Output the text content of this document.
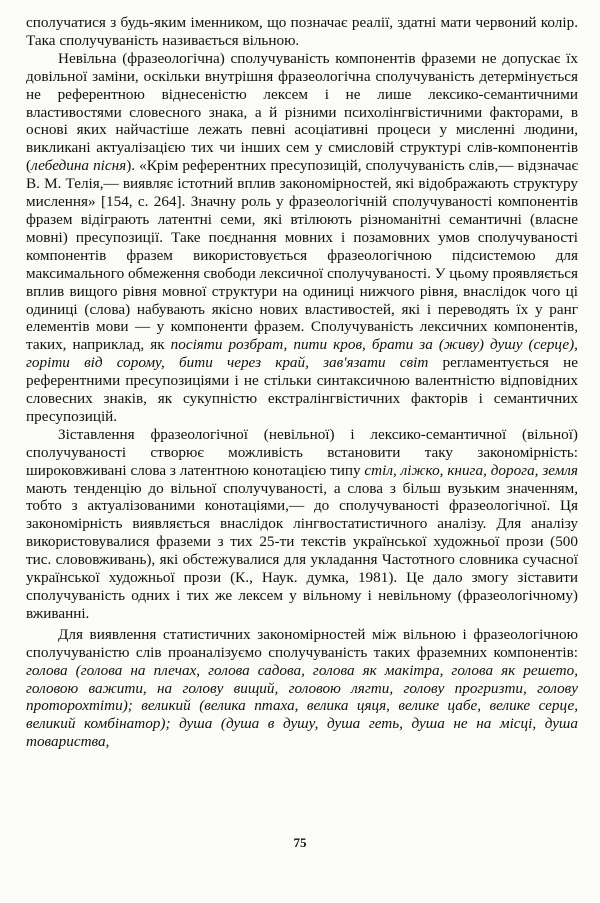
сполучатися з будь-яким іменником, що позначає реалії, здатні мати червоний колір. Така сполучуваність називається вільною.

Невільна (фразеологічна) сполучуваність компонентів фраземи не допускає їх довільної заміни, оскільки внутрішня фразеологічна сполучуваність детермінується не референтною віднесеністю лексем і не лише лексико-семантичними властивостями словесного знака, а й різними психолінгвістичними факторами, в основі яких найчастіше лежать певні асоціативні процеси у мисленні людини, викликані актуалізацією тих чи інших сем у смисловій структурі слів-компонентів (лебедина пісня). «Крім референтних пресупозицій, сполучуваність слів,— відзначає В. М. Телія,— виявляє істотний вплив закономірностей, які відображають структуру мислення» [154, с. 264]. Значну роль у фразеологічній сполучуваності компонентів фразем відіграють латентні семи, які втілюють різноманітні семантичні (власне мовні) пресупозиції. Таке поєднання мовних і позамовних умов сполучуваності компонентів фразем використовується фразеологічною підсистемою для максимального обмеження свободи лексичної сполучуваності. У цьому проявляється вплив вищого рівня мовної структури на одиниці нижчого рівня, внаслідок чого ці одиниці (слова) набувають якісно нових властивостей, які і переводять їх у ранг елементів мови — у компоненти фразем. Сполучуваність лексичних компонентів, таких, наприклад, як посіяти розбрат, пити кров, брати за (живу) душу (серце), горіти від сорому, бити через край, зав'язати світ регламентується не референтними пресупозиціями і не стільки синтаксичною валентністю відповідних словесних знаків, як сукупністю екстралінгвістичних факторів і семантичних пресупозицій.

Зіставлення фразеологічної (невільної) і лексико-семантичної (вільної) сполучуваності створює можливість встановити таку закономірність: широковживані слова з латентною конотацією типу стіл, ліжко, книга, дорога, земля мають тенденцію до вільної сполучуваності, а слова з більш вузьким значенням, тобто з актуалізованими конотаціями,— до сполучуваності фразеологічної. Ця закономірність виявляється внаслідок лінгвостатистичного аналізу. Для аналізу використовувалися фраземи з тих 25-ти текстів української художньої прози (500 тис. слововживань), які обстежувалися для укладання Частотного словника сучасної української художньої прози (К., Наук. думка, 1981). Це дало змогу зіставити сполучуваність одних і тих же лексем у вільному і невільному (фразеологічному) вживанні.

Для виявлення статистичних закономірностей між вільною і фразеологічною сполучуваністю слів проаналізуємо сполучуваність таких фраземних компонентів: голова (голова на плечах, голова садова, голова як макітра, голова як решето, головою важити, на голову вищий, головою лягти, голову прогризти, голову проторохтіти); великий (велика птаха, велика цяця, велике цабе, велике серце, великий комбінатор); душа (душа в душу, душа геть, душа не на місці, душа товариства,

75
